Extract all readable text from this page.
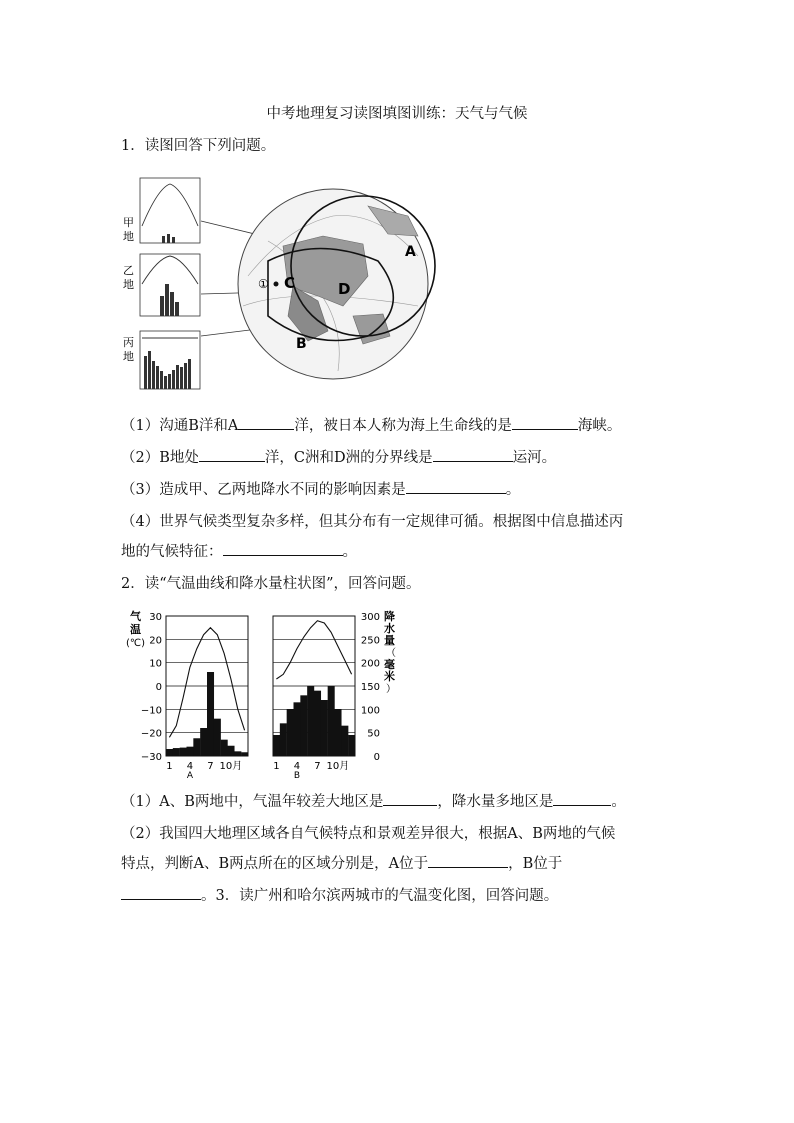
中考地理复习读图填图训练：天气与气候
1．读图回答下列问题。
甲
地
乙
地
丙
地
① C	D
A
B
（1）沟通B洋和A	洋，被日本人称为海上生命线的是	海峡。
（2）B地处	洋，C洲和D洲的分界线是	运河。
（3）造成甲、乙两地降水不同的影响因素是	。
（4）世界气候类型复杂多样，但其分布有一定规律可循。根据图中信息描述丙
地的气候特征：	。
2．读“气温曲线和降水量柱状图”，回答问题。
气
温
(℃)
30
20
10
0
−10
−20
−30
300
250
200
150
100
50
0
降
水
量
（
毫
米
）
1 4 7 10月
A
1 4 7 10月
B
（1）A、B两地中，气温年较差大地区是	，降水量多地区是	。
（2）我国四大地理区域各自气候特点和景观差异很大，根据A、B两地的气候
特点，判断A、B两点所在的区域分别是，A位于	，B位于
。3．读广州和哈尔滨两城市的气温变化图，回答问题。
